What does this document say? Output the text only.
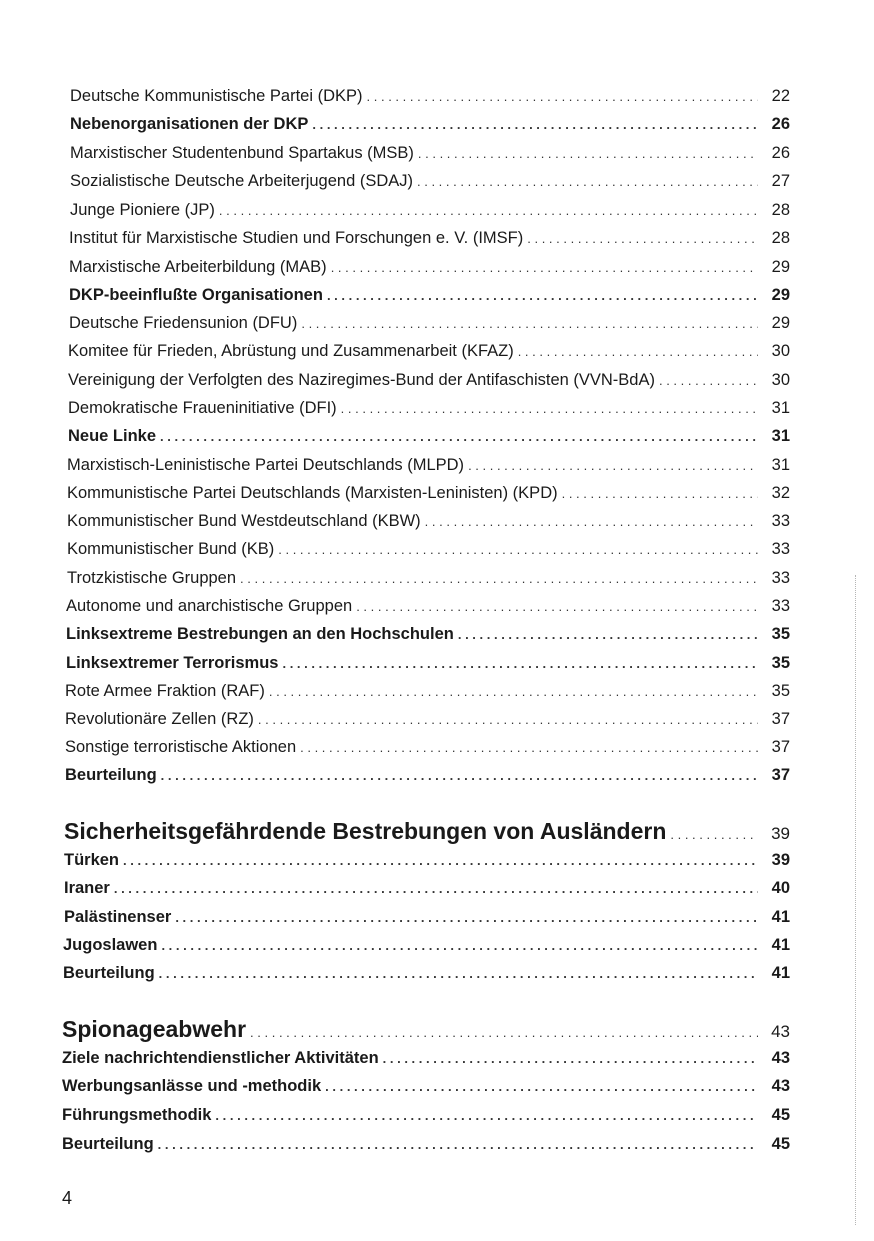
Deutsche Kommunistische Partei (DKP) . . .	22
Nebenorganisationen der DKP . . .	26
Marxistischer Studentenbund Spartakus (MSB) . . .	26
Sozialistische Deutsche Arbeiterjugend (SDAJ) . . .	27
Junge Pioniere (JP) . . .	28
Institut für Marxistische Studien und Forschungen e. V. (IMSF) . . .	28
Marxistische Arbeiterbildung (MAB) . . .	29
DKP-beeinflußte Organisationen . . .	29
Deutsche Friedensunion (DFU) . . .	29
Komitee für Frieden, Abrüstung und Zusammenarbeit (KFAZ) . . .	30
Vereinigung der Verfolgten des Naziregimes-Bund der Antifaschisten (VVN-BdA) . . .	30
Demokratische Fraueninitiative (DFI) . . .	31
Neue Linke . . .	31
Marxistisch-Leninistische Partei Deutschlands (MLPD) . . .	31
Kommunistische Partei Deutschlands (Marxisten-Leninisten) (KPD) . . .	32
Kommunistischer Bund Westdeutschland (KBW) . . .	33
Kommunistischer Bund (KB) . . .	33
Trotzkistische Gruppen . . .	33
Autonome und anarchistische Gruppen . . .	33
Linksextreme Bestrebungen an den Hochschulen . . .	35
Linksextremer Terrorismus . . .	35
Rote Armee Fraktion (RAF) . . .	35
Revolutionäre Zellen (RZ) . . .	37
Sonstige terroristische Aktionen . . .	37
Beurteilung . . .	37
Sicherheitsgefährdende Bestrebungen von Ausländern . . .	39
Türken . . .	39
Iraner . . .	40
Palästinenser . . .	41
Jugoslawen . . .	41
Beurteilung . . .	41
Spionageabwehr . . .	43
Ziele nachrichtendienstlicher Aktivitäten . . .	43
Werbungsanlässe und -methodik . . .	43
Führungsmethodik . . .	45
Beurteilung . . .	45
4
